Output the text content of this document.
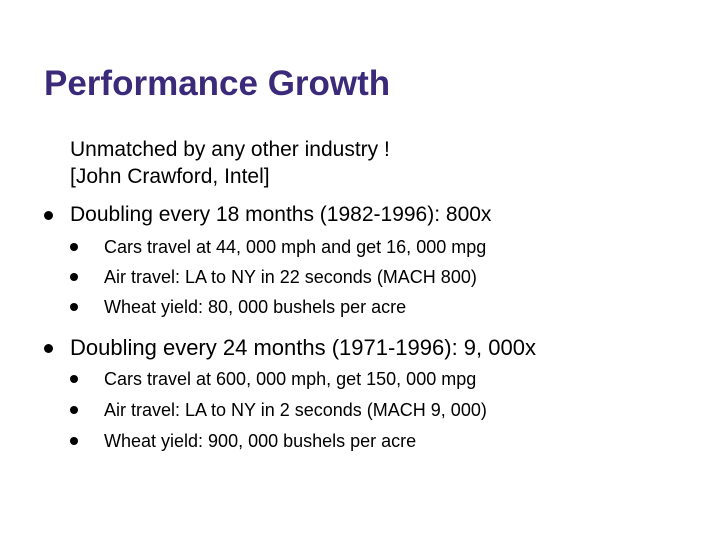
Performance Growth
Unmatched by any other industry !
[John Crawford, Intel]
Doubling every 18 months (1982-1996): 800x
Cars travel at 44, 000 mph and get 16, 000 mpg
Air travel: LA to NY in 22 seconds (MACH 800)
Wheat yield: 80, 000 bushels per acre
Doubling every 24 months (1971-1996): 9, 000x
Cars travel at 600, 000 mph, get 150, 000 mpg
Air travel: LA to NY in 2 seconds (MACH 9, 000)
Wheat yield: 900, 000 bushels per acre
